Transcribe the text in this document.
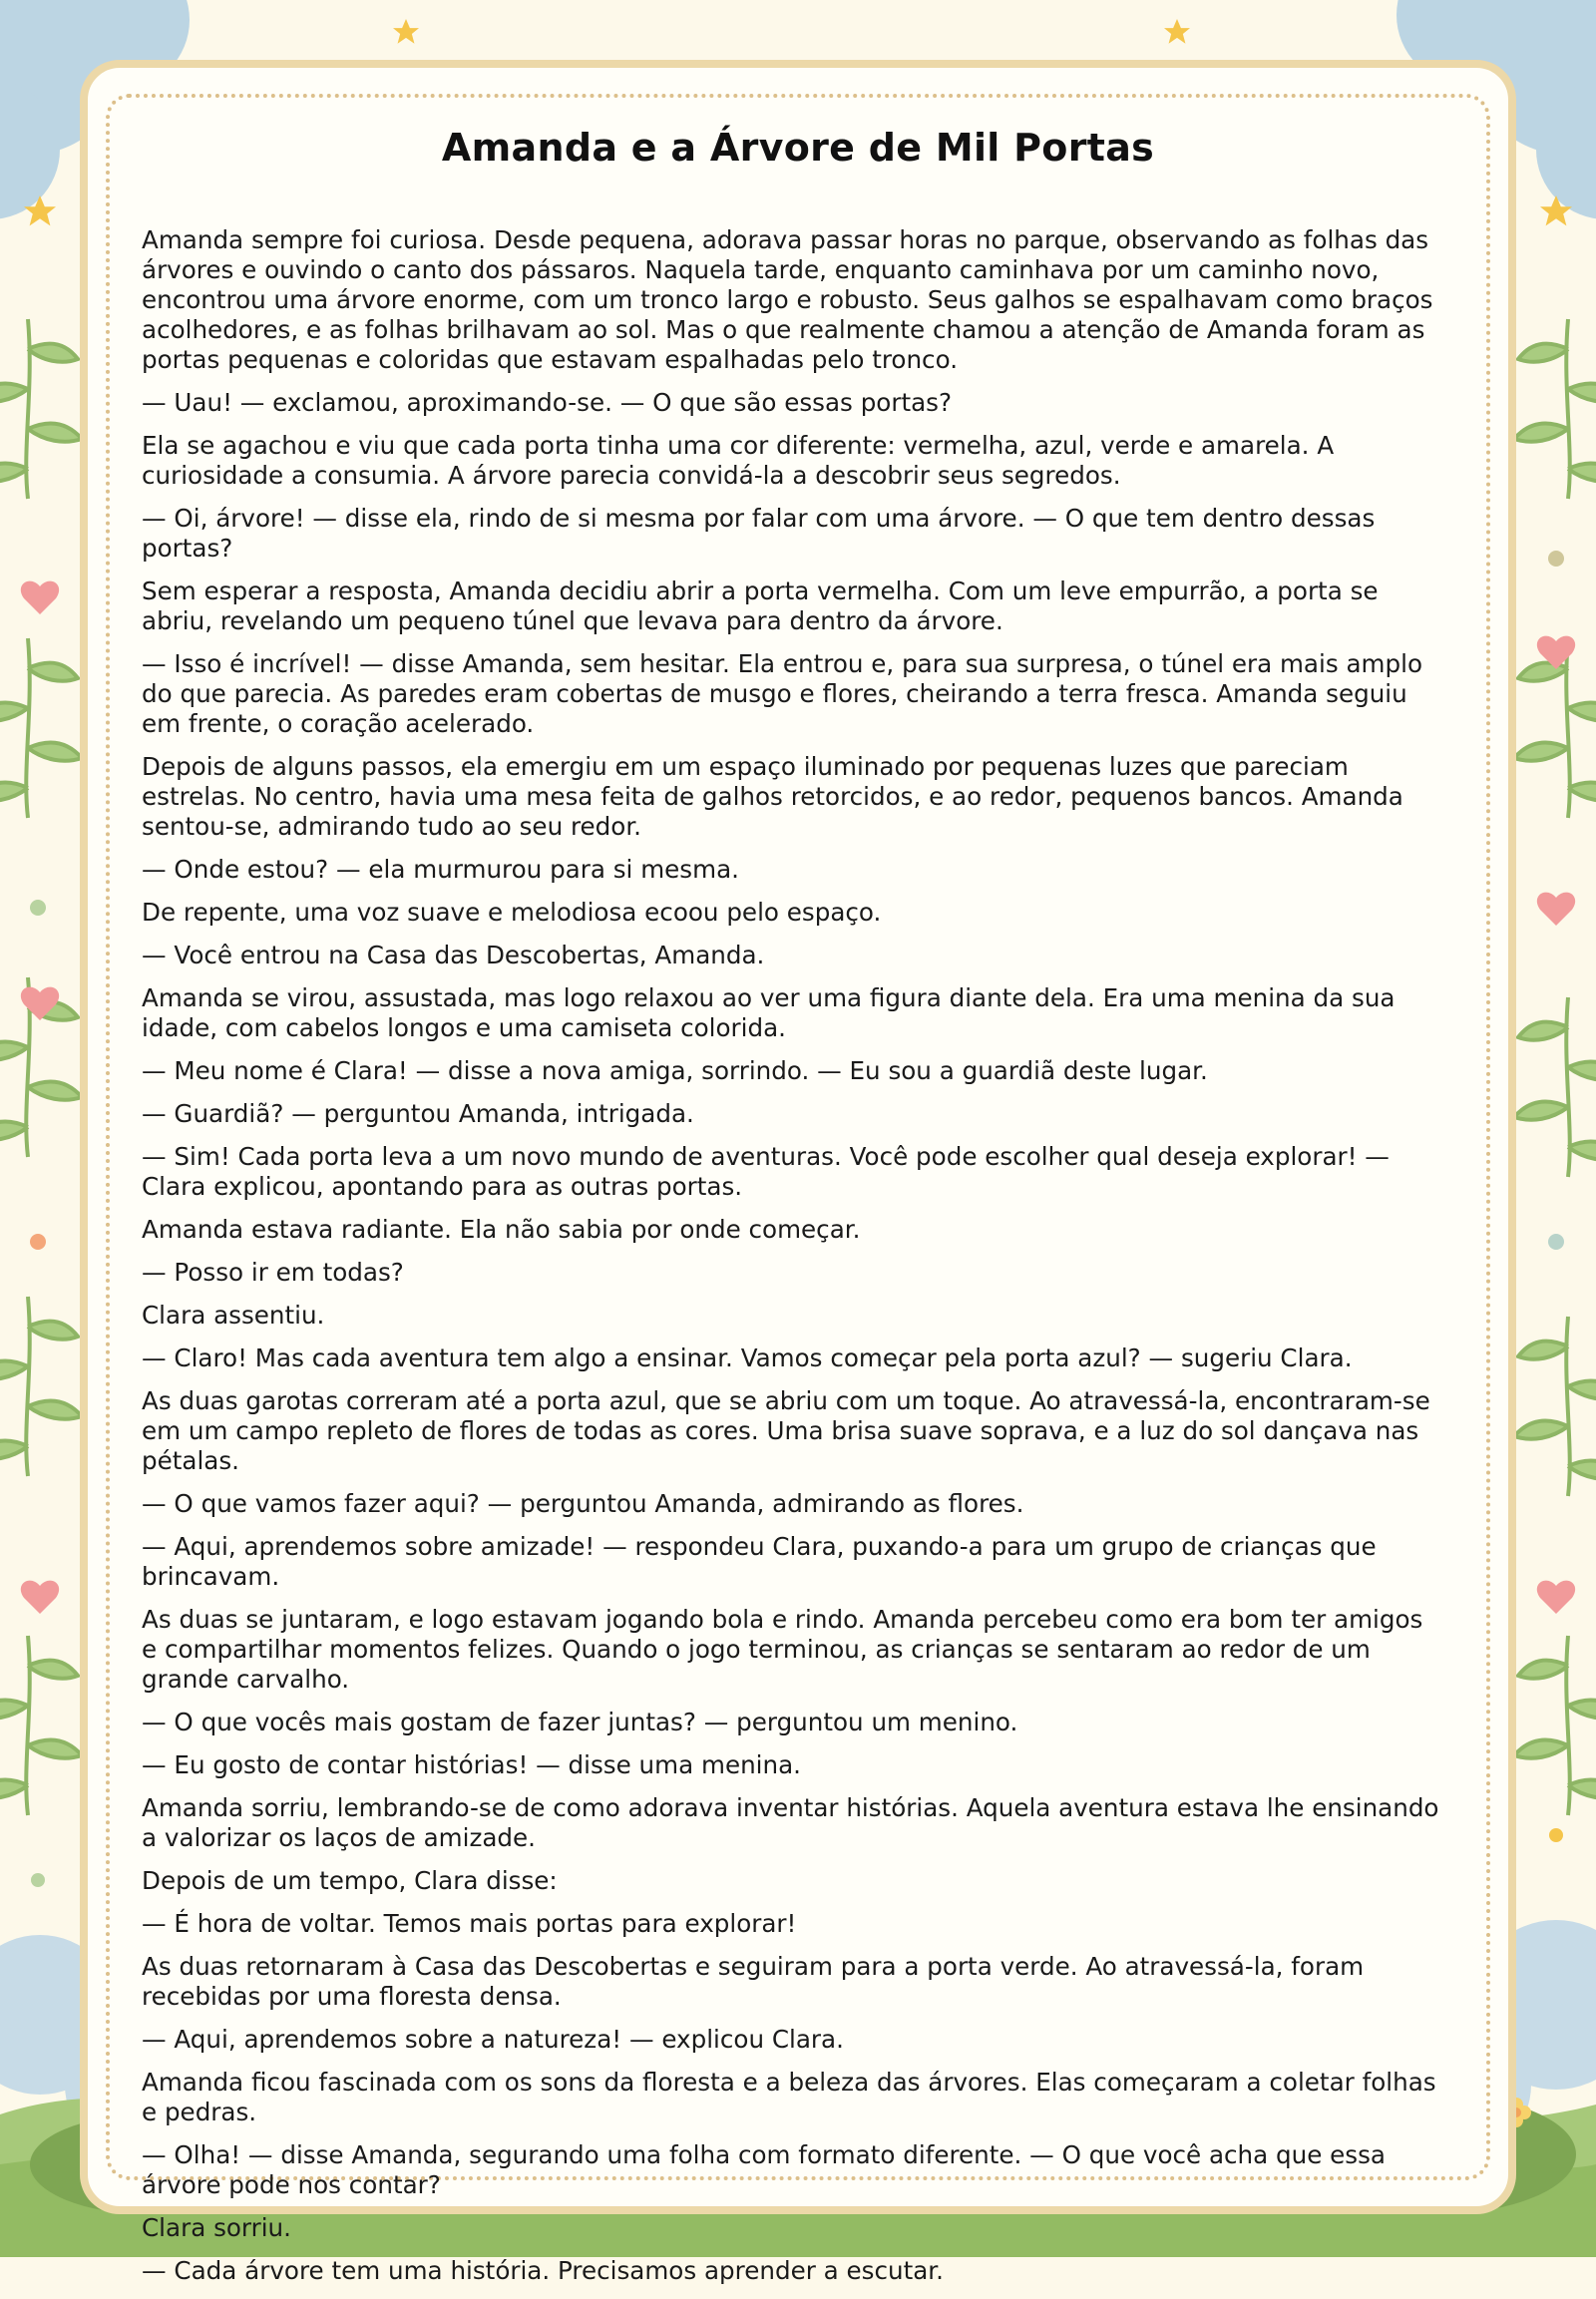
Amanda e a Árvore de Mil Portas

Amanda sempre foi curiosa. Desde pequena, adorava passar horas no parque, observando as folhas das árvores e ouvindo o canto dos pássaros. Naquela tarde, enquanto caminhava por um caminho novo, encontrou uma árvore enorme, com um tronco largo e robusto. Seus galhos se espalhavam como braços acolhedores, e as folhas brilhavam ao sol. Mas o que realmente chamou a atenção de Amanda foram as portas pequenas e coloridas que estavam espalhadas pelo tronco.

— Uau! — exclamou, aproximando-se. — O que são essas portas?

Ela se agachou e viu que cada porta tinha uma cor diferente: vermelha, azul, verde e amarela. A curiosidade a consumia. A árvore parecia convidá-la a descobrir seus segredos.

— Oi, árvore! — disse ela, rindo de si mesma por falar com uma árvore. — O que tem dentro dessas portas?

Sem esperar a resposta, Amanda decidiu abrir a porta vermelha. Com um leve empurrão, a porta se abriu, revelando um pequeno túnel que levava para dentro da árvore.

— Isso é incrível! — disse Amanda, sem hesitar. Ela entrou e, para sua surpresa, o túnel era mais amplo do que parecia. As paredes eram cobertas de musgo e flores, cheirando a terra fresca. Amanda seguiu em frente, o coração acelerado.

Depois de alguns passos, ela emergiu em um espaço iluminado por pequenas luzes que pareciam estrelas. No centro, havia uma mesa feita de galhos retorcidos, e ao redor, pequenos bancos. Amanda sentou-se, admirando tudo ao seu redor.

— Onde estou? — ela murmurou para si mesma.

De repente, uma voz suave e melodiosa ecoou pelo espaço.

— Você entrou na Casa das Descobertas, Amanda.

Amanda se virou, assustada, mas logo relaxou ao ver uma figura diante dela. Era uma menina da sua idade, com cabelos longos e uma camiseta colorida.

— Meu nome é Clara! — disse a nova amiga, sorrindo. — Eu sou a guardiã deste lugar.

— Guardiã? — perguntou Amanda, intrigada.

— Sim! Cada porta leva a um novo mundo de aventuras. Você pode escolher qual deseja explorar! — Clara explicou, apontando para as outras portas.

Amanda estava radiante. Ela não sabia por onde começar.

— Posso ir em todas?

Clara assentiu.

— Claro! Mas cada aventura tem algo a ensinar. Vamos começar pela porta azul? — sugeriu Clara.

As duas garotas correram até a porta azul, que se abriu com um toque. Ao atravessá-la, encontraram-se em um campo repleto de flores de todas as cores. Uma brisa suave soprava, e a luz do sol dançava nas pétalas.

— O que vamos fazer aqui? — perguntou Amanda, admirando as flores.

— Aqui, aprendemos sobre amizade! — respondeu Clara, puxando-a para um grupo de crianças que brincavam.

As duas se juntaram, e logo estavam jogando bola e rindo. Amanda percebeu como era bom ter amigos e compartilhar momentos felizes. Quando o jogo terminou, as crianças se sentaram ao redor de um grande carvalho.

— O que vocês mais gostam de fazer juntas? — perguntou um menino.

— Eu gosto de contar histórias! — disse uma menina.

Amanda sorriu, lembrando-se de como adorava inventar histórias. Aquela aventura estava lhe ensinando a valorizar os laços de amizade.

Depois de um tempo, Clara disse:

— É hora de voltar. Temos mais portas para explorar!

As duas retornaram à Casa das Descobertas e seguiram para a porta verde. Ao atravessá-la, foram recebidas por uma floresta densa.

— Aqui, aprendemos sobre a natureza! — explicou Clara.

Amanda ficou fascinada com os sons da floresta e a beleza das árvores. Elas começaram a coletar folhas e pedras.

— Olha! — disse Amanda, segurando uma folha com formato diferente. — O que você acha que essa árvore pode nos contar?

Clara sorriu.

— Cada árvore tem uma história. Precisamos aprender a escutar.
